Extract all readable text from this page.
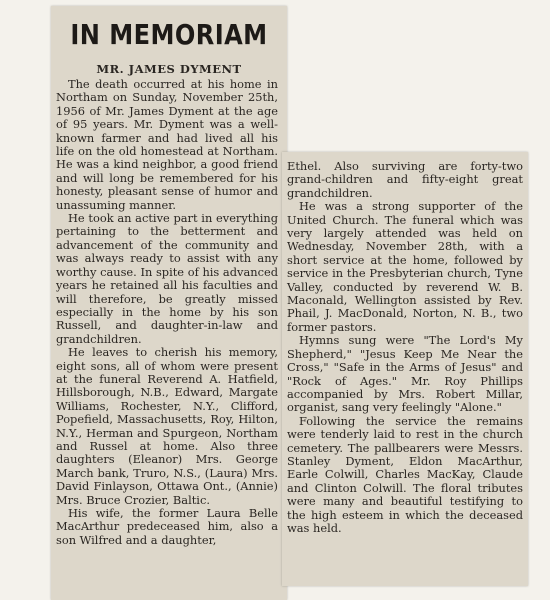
IN MEMORIAM
MR. JAMES DYMENT

The death occurred at his home in Northam on Sunday, November 25th, 1956 of Mr. James Dyment at the age of 95 years. Mr. Dyment was a well-known farmer and had lived all his life on the old homestead at Northam. He was a kind neighbor, a good friend and will long be remembered for his honesty, pleasant sense of humor and unassuming manner.

He took an active part in everything pertaining to the betterment and advancement of the community and was always ready to assist with any worthy cause. In spite of his advanced years he retained all his faculties and will therefore, be greatly missed especially in the home by his son Russell, and daughter-in-law and grandchildren.

He leaves to cherish his memory, eight sons, all of whom were present at the funeral Reverend A. Hatfield, Hillsborough, N.B., Edward, Margate Williams, Rochester, N.Y., Clifford, Popefield, Massachusetts, Roy, Hilton, N.Y., Herman and Spurgeon, Northam and Russel at home. Also three daughters (Eleanor) Mrs. George March bank, Truro, N.S., (Laura) Mrs. David Finlayson, Ottawa Ont., (Annie) Mrs. Bruce Crozier, Baltic.

His wife, the former Laura Belle MacArthur predeceased him, also a son Wilfred and a daughter,

Ethel. Also surviving are forty-two grand-children and fifty-eight great grandchildren.

He was a strong supporter of the United Church. The funeral which was very largely attended was held on Wednesday, November 28th, with a short service at the home, followed by service in the Presbyterian church, Tyne Valley, conducted by reverend W. B. Maconald, Wellington assisted by Rev. Phail, J. MacDonald, Norton, N. B., two former pastors.

Hymns sung were "The Lord's My Shepherd," "Jesus Keep Me Near the Cross," "Safe in the Arms of Jesus" and "Rock of Ages." Mr. Roy Phillips accompanied by Mrs. Robert Millar, organist, sang very feelingly "Alone."

Following the service the remains were tenderly laid to rest in the church cemetery. The pallbearers were Messrs. Stanley Dyment, Eldon MacArthur, Earle Colwill, Charles MacKay, Claude and Clinton Colwill. The floral tributes were many and beautiful testifying to the high esteem in which the deceased was held.
